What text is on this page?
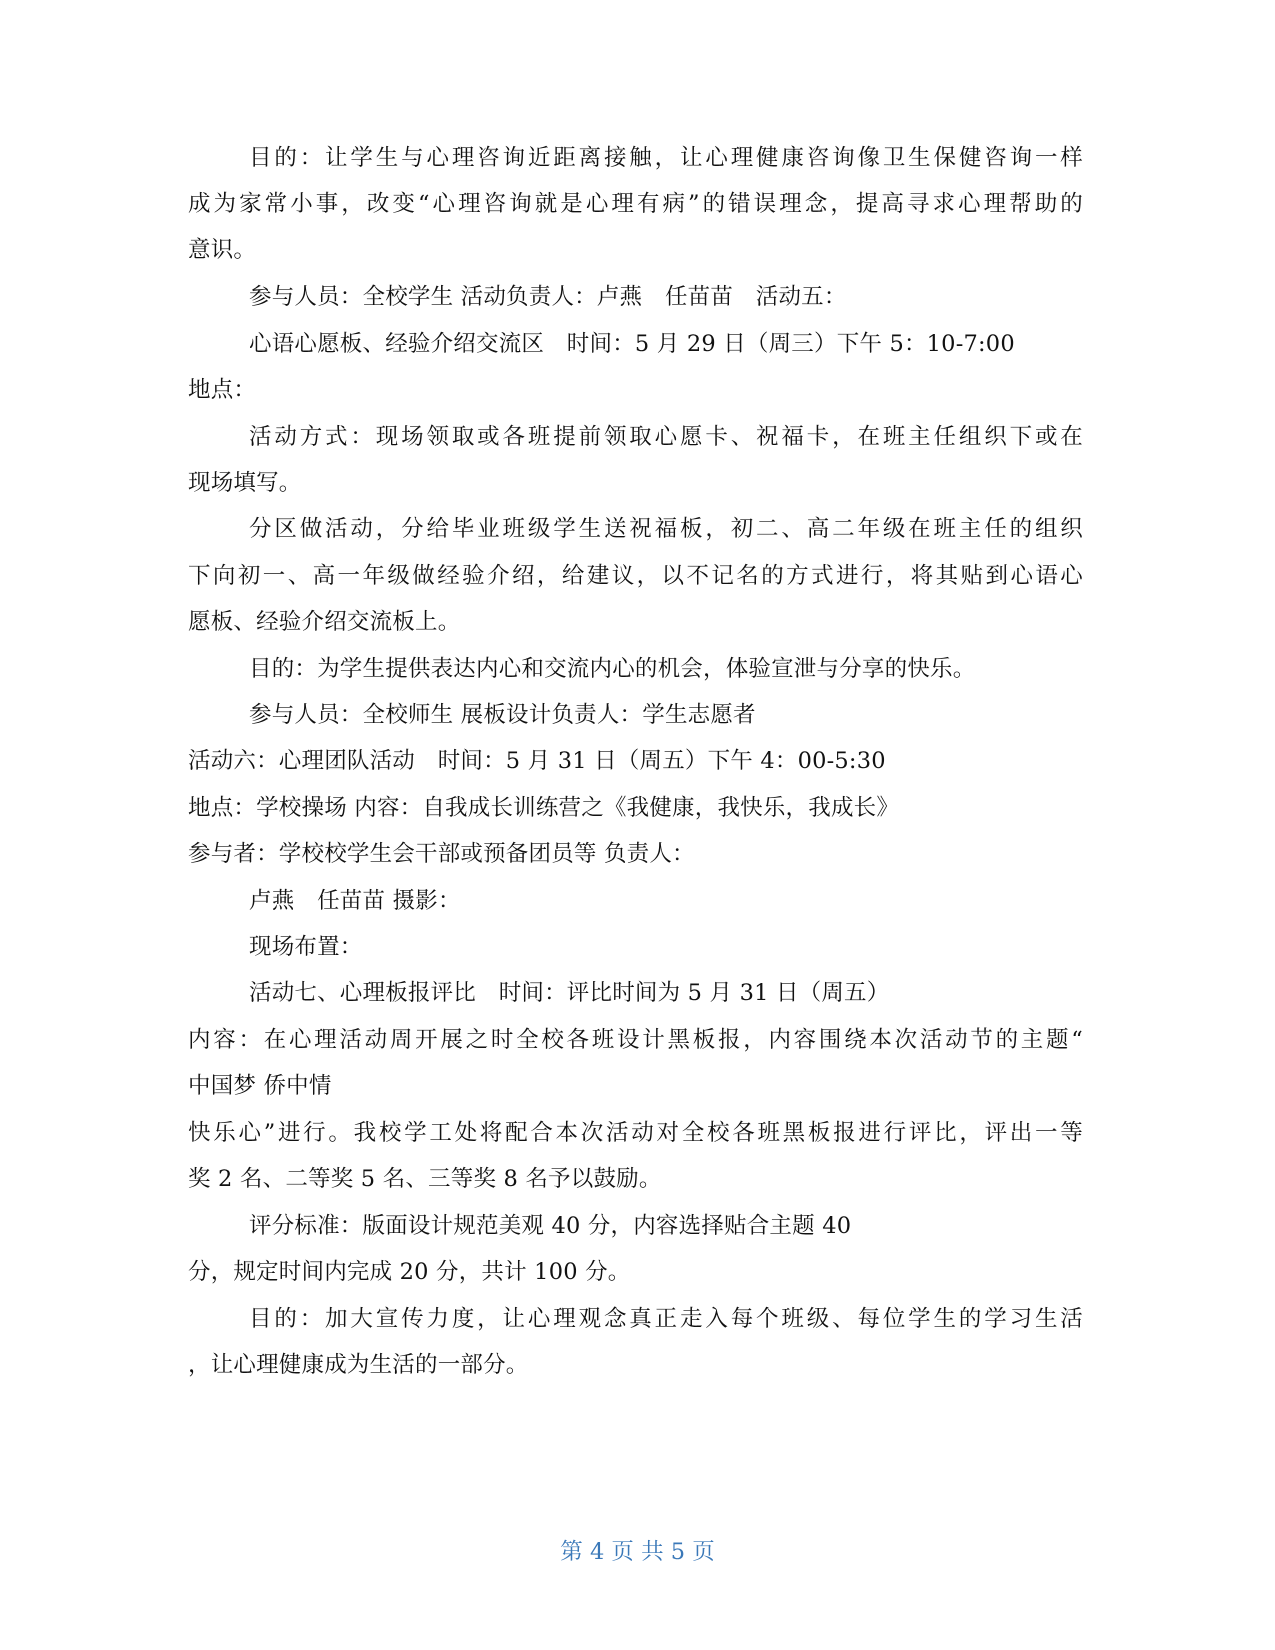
目的：让学生与心理咨询近距离接触，让心理健康咨询像卫生保健咨询一样
成为家常小事，改变“心理咨询就是心理有病”的错误理念，提高寻求心理帮助的
意识。
参与人员：全校学生 活动负责人：卢燕　任苗苗　活动五：
心语心愿板、经验介绍交流区　时间：5 月 29 日（周三）下午 5：10-7:00
地点：
活动方式：现场领取或各班提前领取心愿卡、祝福卡，在班主任组织下或在
现场填写。
分区做活动，分给毕业班级学生送祝福板，初二、高二年级在班主任的组织
下向初一、高一年级做经验介绍，给建议，以不记名的方式进行，将其贴到心语心
愿板、经验介绍交流板上。
目的：为学生提供表达内心和交流内心的机会，体验宣泄与分享的快乐。
参与人员：全校师生 展板设计负责人：学生志愿者
活动六：心理团队活动　时间：5 月 31 日（周五）下午 4：00-5:30
地点：学校操场 内容：自我成长训练营之《我健康，我快乐，我成长》
参与者：学校校学生会干部或预备团员等 负责人：
卢燕　任苗苗 摄影：
现场布置：
活动七、心理板报评比　时间：评比时间为 5 月 31 日（周五）
内容：在心理活动周开展之时全校各班设计黑板报，内容围绕本次活动节的主题“
中国梦 侨中情
快乐心”进行。我校学工处将配合本次活动对全校各班黑板报进行评比，评出一等
奖 2 名、二等奖 5 名、三等奖 8 名予以鼓励。
评分标准：版面设计规范美观 40 分，内容选择贴合主题 40
分，规定时间内完成 20 分，共计 100 分。
目的：加大宣传力度，让心理观念真正走入每个班级、每位学生的学习生活
，让心理健康成为生活的一部分。
第 4 页 共 5 页
